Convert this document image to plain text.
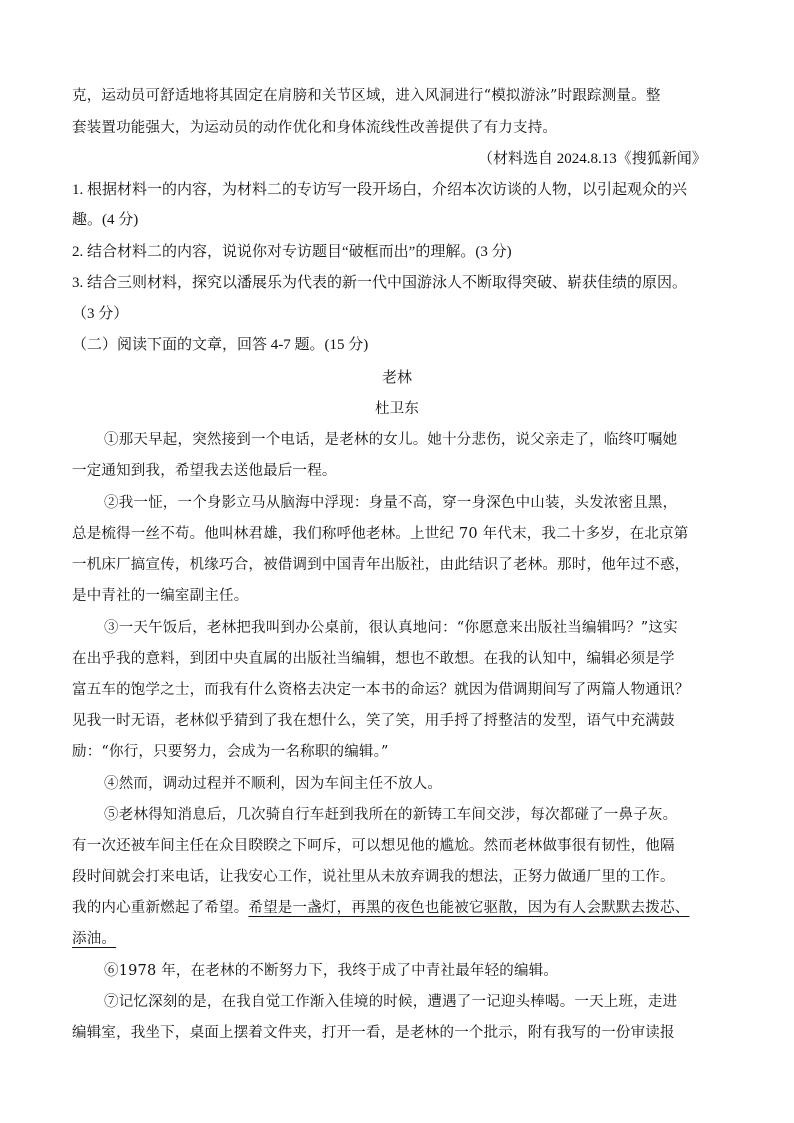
克，运动员可舒适地将其固定在肩膀和关节区域，进入风洞进行“模拟游泳”时跟踪测量。整
套装置功能强大，为运动员的动作优化和身体流线性改善提供了有力支持。
（材料选自 2024.8.13《搜狐新闻》
1. 根据材料一的内容，为材料二的专访写一段开场白，介绍本次访谈的人物，以引起观众的兴
趣。(4 分)
2. 结合材料二的内容，说说你对专访题目“破框而出”的理解。(3 分)
3. 结合三则材料，探究以潘展乐为代表的新一代中国游泳人不断取得突破、崭获佳绩的原因。
（3 分）
（二）阅读下面的文章，回答 4-7 题。(15 分)
老林
杜卫东
①那天早起，突然接到一个电话，是老林的女儿。她十分悲伤，说父亲走了，临终叮嘱她
一定通知到我，希望我去送他最后一程。
②我一怔，一个身影立马从脑海中浮现：身量不高，穿一身深色中山装，头发浓密且黑，
总是梳得一丝不苟。他叫林君雄，我们称呼他老林。上世纪 70 年代末，我二十多岁，在北京第
一机床厂搞宣传，机缘巧合，被借调到中国青年出版社，由此结识了老林。那时，他年过不惑，
是中青社的一编室副主任。
③一天午饭后，老林把我叫到办公桌前，很认真地问：“你愿意来出版社当编辑吗？”这实
在出乎我的意料，到团中央直属的出版社当编辑，想也不敢想。在我的认知中，编辑必须是学
富五车的饱学之士，而我有什么资格去决定一本书的命运？就因为借调期间写了两篇人物通讯？
见我一时无语，老林似乎猜到了我在想什么，笑了笑，用手捋了捋整洁的发型，语气中充满鼓
励：“你行，只要努力，会成为一名称职的编辑。”
④然而，调动过程并不顺利，因为车间主任不放人。
⑤老林得知消息后，几次骑自行车赶到我所在的新铸工车间交涉，每次都碰了一鼻子灰。
有一次还被车间主任在众目睽睽之下呵斥，可以想见他的尴尬。然而老林做事很有韧性，他隔
段时间就会打来电话，让我安心工作，说社里从未放弃调我的想法，正努力做通厂里的工作。
我的内心重新燃起了希望。希望是一盏灯，再黑的夜色也能被它驱散，因为有人会默默去拨芯、
添油。
⑥1978 年，在老林的不断努力下，我终于成了中青社最年轻的编辑。
⑦记忆深刻的是，在我自觉工作渐入佳境的时候，遭遇了一记迎头棒喝。一天上班，走进
编辑室，我坐下，桌面上摆着文件夹，打开一看，是老林的一个批示，附有我写的一份审读报
